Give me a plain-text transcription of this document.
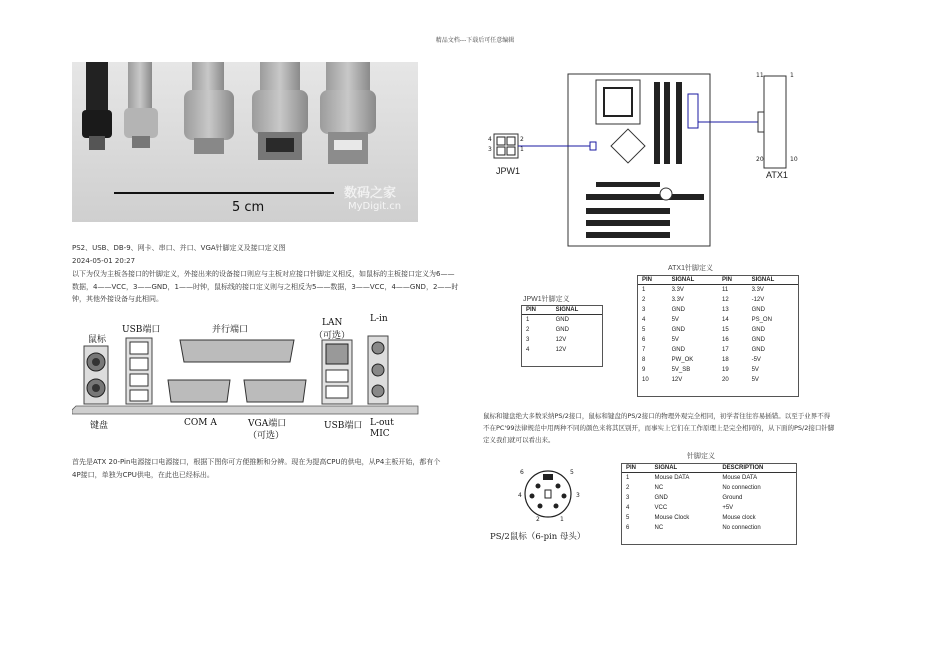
精品文档---下载后可任意编辑
5 cm
数码之家
MyDigit.cn
PS2、USB、DB-9、网卡、串口、并口、VGA针脚定义及接口定义图
2024-05-01 20:27
以下为仅为主板各接口的针脚定义，外接出来的设备接口则应与主板对应接口针脚定义相反，如鼠标的主板接口定义为6——
数据，4——VCC，3——GND，1——时钟，鼠标线的接口定义则与之相反为5——数据，3——VCC，4——GND，2——时
钟，其他外接设备与此相同。
鼠标
USB端口	并行端口
LAN
（可选）
L-in
键盘	COM A	VGA端口
（可选）
USB端口 L-out
MIC
首先是ATX 20-Pin电源接口电源接口，根据下图你可方便推断和分辨。现在为提高CPU的供电，从P4主板开始，都有个
4P接口，单独为CPU供电，在此也已经标出。
4
3
2
1
JPW1
11	1
20	10
ATX1
ATX1针脚定义
PIN	SIGNAL	PIN	SIGNAL
1	3.3V	11	3.3V
2	3.3V	12	-12V
3	GND	13	GND
4	5V	14	PS_ON
5	GND	15	GND
6	5V	16	GND
7	GND	17	GND
8	PW_OK	18	-5V
9	5V_SB	19	5V
10	12V	20	5V
JPW1针脚定义
PIN	SIGNAL
1	GND
2	GND
3	12V
4	12V
鼠标和键盘绝大多数采纳PS/2接口，鼠标和键盘的PS/2接口的物理外观完全相同，初学者往往容易插错。以至于业界不得
不在PC'99法律规范中用两种不同的颜色来将其区别开，而事实上它们在工作原理上是完全相同的，从下面的PS/2接口针脚
定义我们就可以看出来。
6	5
4	3
2	1
PS/2鼠标（6-pin 母头）
针脚定义
PIN	SIGNAL	DESCRIPTION
1	Mouse DATA	Mouse DATA
2	NC	No connection
3	GND	Ground
4	VCC	+5V
5	Mouse Clock	Mouse clock
6	NC	No connection
